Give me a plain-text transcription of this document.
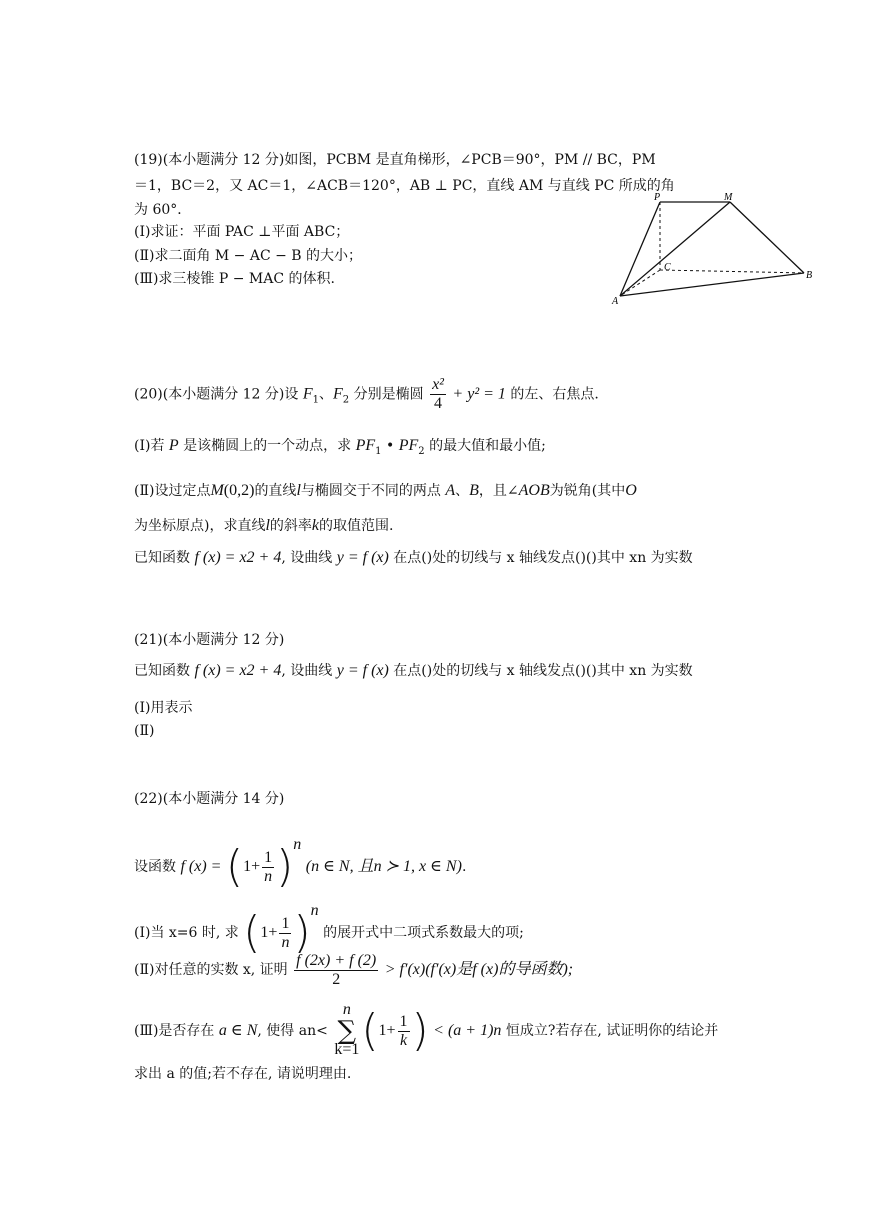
(19)(本小题满分 12 分)如图，PCBM 是直角梯形，∠PCB＝90°，PM // BC，PM
＝1，BC＝2，又 AC＝1，∠ACB＝120°，AB ⊥ PC，直线 AM 与直线 PC 所成的角
为 60°．
(Ⅰ)求证：平面 PAC ⊥平面 ABC；
(Ⅱ)求二面角 M − AC − B 的大小；
(Ⅲ)求三棱锥 P − MAC 的体积.
P	M
C
A
B
(20)(本小题满分 12 分)设 $F_1$、$F_2$ 分别是椭圆 $\frac{\text{x²}}{4} + y^2 = 1$ 的左、右焦点.
(Ⅰ)若 P 是该椭圆上的一个动点，求 $PF_1$ • $PF_2$ 的最大值和最小值;
(Ⅱ)设过定点M(0,2)的直线l与椭圆交于不同的两点 A、B，且∠AOB为锐角(其中O
为坐标原点)，求直线l的斜率k的取值范围.
已知函数 f (x) = x2 + 4, 设曲线 y = f (x) 在点()处的切线与 x 轴线发点()()其中 xn 为实数
(21)(本小题满分 12 分)
已知函数 f (x) = x2 + 4, 设曲线 y = f (x) 在点()处的切线与 x 轴线发点()()其中 xn 为实数
(Ⅰ)用表示
(Ⅱ)
(22)(本小题满分 14 分)
设函数 f $(x) = (1+ \frac{1}{n} )^n$ (n ∈ N, 且n ≻ 1, x ∈ N).
(Ⅰ)当 x=6 时, 求 $(1+ \frac{1}{n} )^n$ 的展开式中二项式系数最大的项;
(Ⅱ)对任意的实数 x, 证明 $\frac{f (2x) + f (2)}{2} > f'(x)(f'(x)$是f (x)的导函数);
(Ⅲ)是否存在 a ∈ N, 使得 an< n
∑
$k=1(1+ \frac{1}{k}$ ) < (a + 1)n 恒成立?若存在, 试证明你的结论并
求出 a 的值;若不存在, 请说明理由.
